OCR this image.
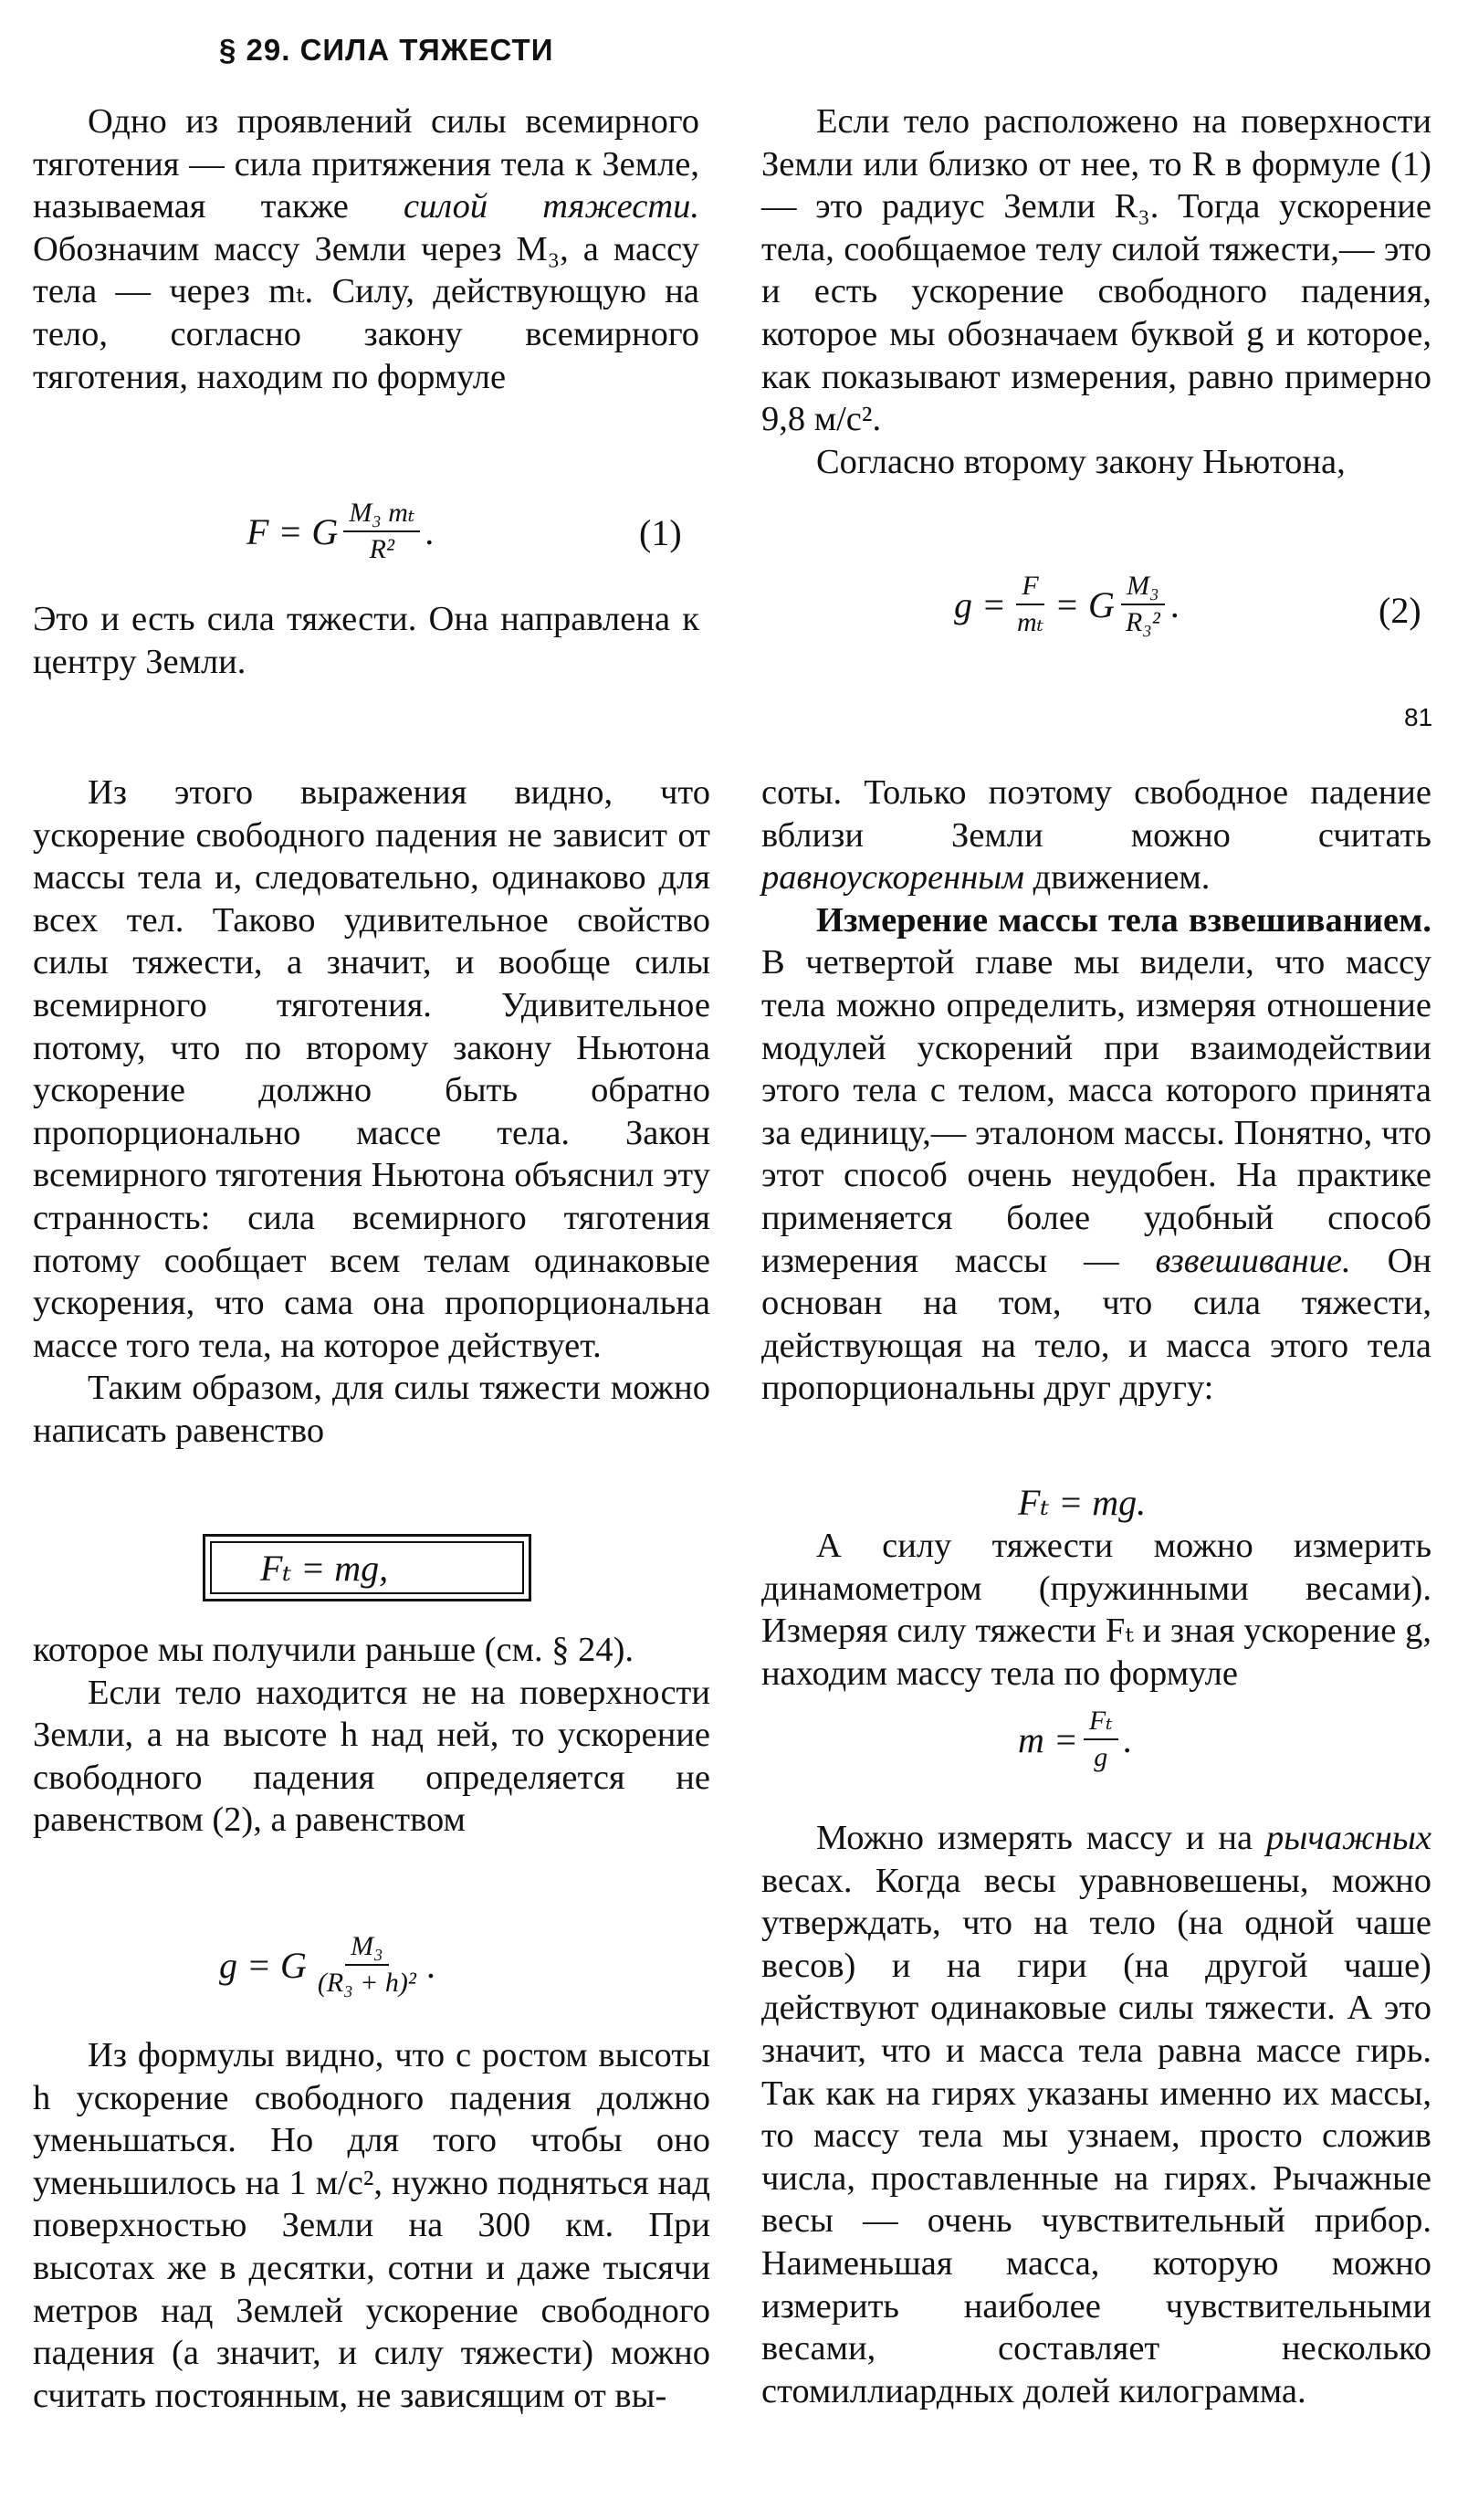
§ 29. СИЛА ТЯЖЕСТИ

Одно из проявлений силы всемирного тяготения — сила притяжения тела к Земле, называемая также силой тяжести. Обозначим массу Земли через M₃, а массу тела — через mₜ. Силу, действующую на тело, согласно закону всемирного тяготения, находим по формуле

F = G $\frac{\text{M₃ mₜ}}{\text{R²}}$ .	(1)

Это и есть сила тяжести. Она направлена к центру Земли.

Если тело расположено на поверхности Земли или близко от нее, то R в формуле (1) — это радиус Земли R₃. Тогда ускорение тела, сообщаемое телу силой тяжести,— это и есть ускорение свободного падения, которое мы обозначаем буквой g и которое, как показывают измерения, равно примерно 9,8 м/с².

Согласно второму закону Ньютона,

$g = \frac{F}{\text{mₜ}} = G \frac{\text{M₃}}{\text{R₃²}}$ .	(2)
81

Из этого выражения видно, что ускорение свободного падения не зависит от массы тела и, следовательно, одинаково для всех тел. Таково удивительное свойство силы тяжести, а значит, и вообще силы всемирного тяготения. Удивительное потому, что по второму закону Ньютона ускорение должно быть обратно пропорционально массе тела. Закон всемирного тяготения Ньютона объяснил эту странность: сила всемирного тяготения потому сообщает всем телам одинаковые ускорения, что сама она пропорциональна массе того тела, на которое действует.

Таким образом, для силы тяжести можно написать равенство

Fₜ = mg,

которое мы получили раньше (см. § 24).

Если тело находится не на поверхности Земли, а на высоте h над ней, то ускорение свободного падения определяется не равенством (2), а равенством

g = G $\frac{\text{M₃}}{\text{(R₃ + h)²}}$ .

Из формулы видно, что с ростом высоты h ускорение свободного падения должно уменьшаться. Но для того чтобы оно уменьшилось на 1 м/с², нужно подняться над поверхностью Земли на 300 км. При высотах же в десятки, сотни и даже тысячи метров над Землей ускорение свободного падения (а значит, и силу тяжести) можно считать постоянным, не зависящим от вы-

соты. Только поэтому свободное падение вблизи Земли можно считать равноускоренным движением.

Измерение массы тела взвешиванием. В четвертой главе мы видели, что массу тела можно определить, измеряя отношение модулей ускорений при взаимодействии этого тела с телом, масса которого принята за единицу,— эталоном массы. Понятно, что этот способ очень неудобен. На практике применяется более удобный способ измерения массы — взвешивание. Он основан на том, что сила тяжести, действующая на тело, и масса этого тела пропорциональны друг другу:

Fₜ = mg.

А силу тяжести можно измерить динамометром (пружинными весами). Измеряя силу тяжести Fₜ и зная ускорение g, находим массу тела по формуле

$m = \frac{\text{Fₜ}}{g}$ .

Можно измерять массу и на рычажных весах. Когда весы уравновешены, можно утверждать, что на тело (на одной чаше весов) и на гири (на другой чаше) действуют одинаковые силы тяжести. А это значит, что и масса тела равна массе гирь. Так как на гирях указаны именно их массы, то массу тела мы узнаем, просто сложив числа, проставленные на гирях. Рычажные весы — очень чувствительный прибор. Наименьшая масса, которую можно измерить наиболее чувствительными весами, составляет несколько стомиллиардных долей килограмма.
